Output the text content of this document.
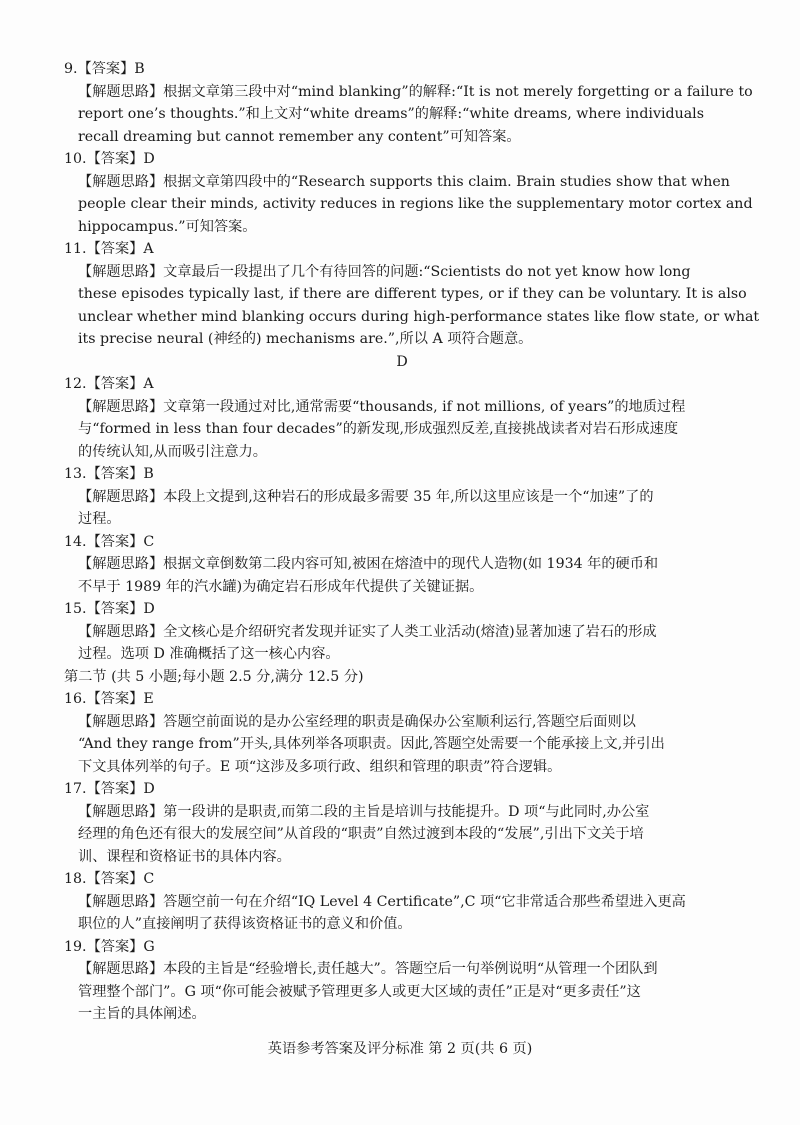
9.【答案】B
【解题思路】根据文章第三段中对“mind blanking”的解释:“It is not merely forgetting or a failure to
report one’s thoughts.”和上文对“white dreams”的解释:“white dreams, where individuals
recall dreaming but cannot remember any content”可知答案。
10.【答案】D
【解题思路】根据文章第四段中的“Research supports this claim. Brain studies show that when
people clear their minds, activity reduces in regions like the supplementary motor cortex and
hippocampus.”可知答案。
11.【答案】A
【解题思路】文章最后一段提出了几个有待回答的问题:“Scientists do not yet know how long
these episodes typically last, if there are different types, or if they can be voluntary. It is also
unclear whether mind blanking occurs during high-performance states like flow state, or what
its precise neural (神经的) mechanisms are.”,所以 A 项符合题意。
D
12.【答案】A
【解题思路】文章第一段通过对比,通常需要“thousands, if not millions, of years”的地质过程
与“formed in less than four decades”的新发现,形成强烈反差,直接挑战读者对岩石形成速度
的传统认知,从而吸引注意力。
13.【答案】B
【解题思路】本段上文提到,这种岩石的形成最多需要 35 年,所以这里应该是一个“加速”了的
过程。
14.【答案】C
【解题思路】根据文章倒数第二段内容可知,被困在熔渣中的现代人造物(如 1934 年的硬币和
不早于 1989 年的汽水罐)为确定岩石形成年代提供了关键证据。
15.【答案】D
【解题思路】全文核心是介绍研究者发现并证实了人类工业活动(熔渣)显著加速了岩石的形成
过程。选项 D 准确概括了这一核心内容。
第二节 (共 5 小题;每小题 2.5 分,满分 12.5 分)
16.【答案】E
【解题思路】答题空前面说的是办公室经理的职责是确保办公室顺利运行,答题空后面则以
“And they range from”开头,具体列举各项职责。因此,答题空处需要一个能承接上文,并引出
下文具体列举的句子。E 项“这涉及多项行政、组织和管理的职责”符合逻辑。
17.【答案】D
【解题思路】第一段讲的是职责,而第二段的主旨是培训与技能提升。D 项“与此同时,办公室
经理的角色还有很大的发展空间”从首段的“职责”自然过渡到本段的“发展”,引出下文关于培
训、课程和资格证书的具体内容。
18.【答案】C
【解题思路】答题空前一句在介绍“IQ Level 4 Certificate”,C 项“它非常适合那些希望进入更高
职位的人”直接阐明了获得该资格证书的意义和价值。
19.【答案】G
【解题思路】本段的主旨是“经验增长,责任越大”。答题空后一句举例说明“从管理一个团队到
管理整个部门”。G 项“你可能会被赋予管理更多人或更大区域的责任”正是对“更多责任”这
一主旨的具体阐述。
英语参考答案及评分标准 第 2 页(共 6 页)
